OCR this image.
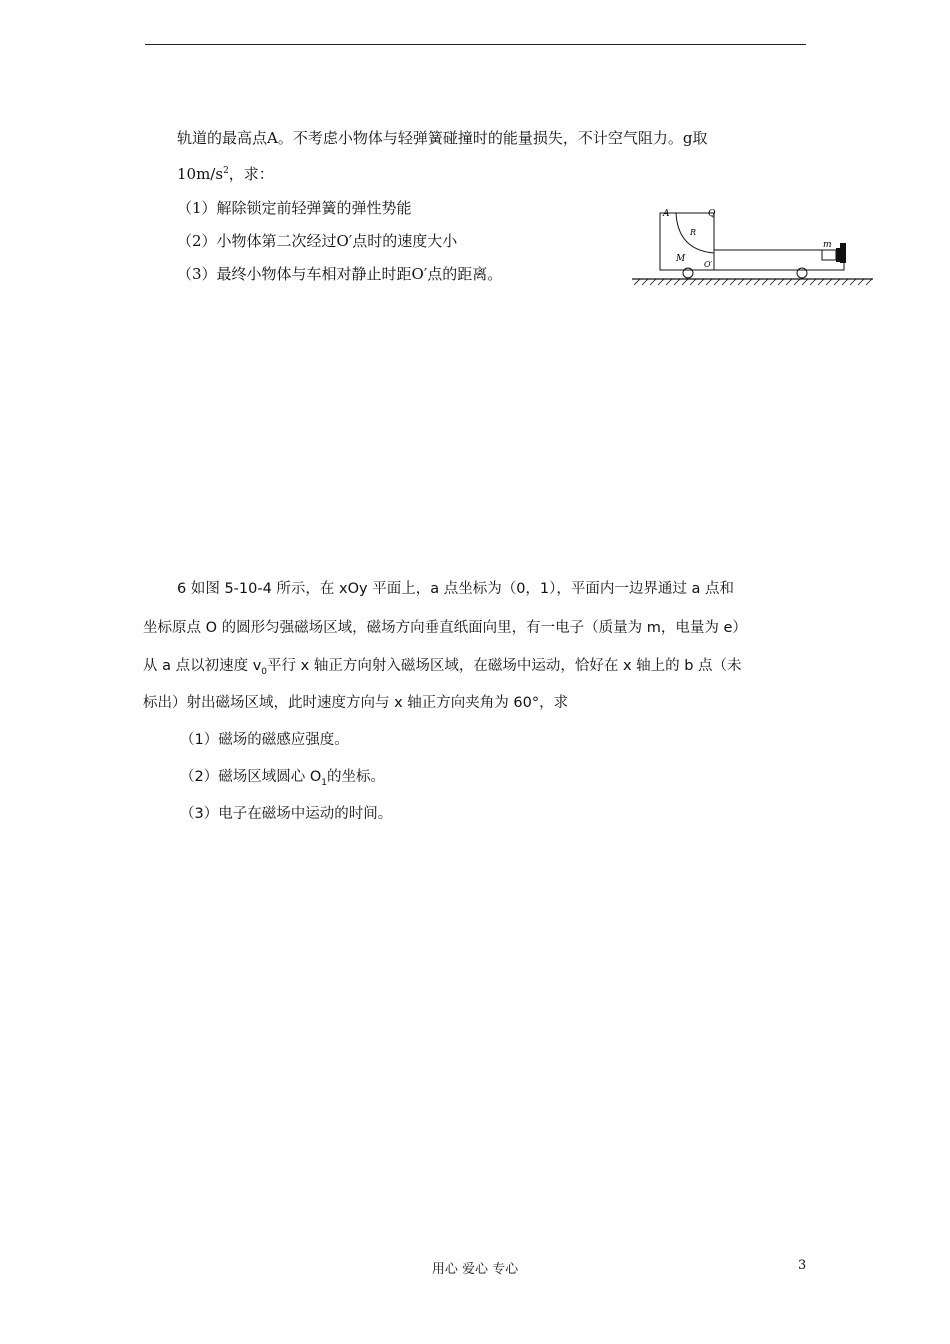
轨道的最高点A。不考虑小物体与轻弹簧碰撞时的能量损失，不计空气阻力。g取
$10m/s^2$，求：
（1）解除锁定前轻弹簧的弹性势能
（2）小物体第二次经过O′点时的速度大小
（3）最终小物体与车相对静止时距O′点的距离。
A	Q
R
M
O′
m
6 如图 5-10-4 所示，在 xOy 平面上，a 点坐标为（0，1），平面内一边界通过 a 点和
坐标原点 O 的圆形匀强磁场区域，磁场方向垂直纸面向里，有一电子（质量为 m，电量为 e）
从 a 点以初速度 $v_0$平行 x 轴正方向射入磁场区域，在磁场中运动，恰好在 x 轴上的 b 点（未
标出）射出磁场区域，此时速度方向与 x 轴正方向夹角为 60°，求
（1）磁场的磁感应强度。
（2）磁场区域圆心 $O_1$的坐标。
（3）电子在磁场中运动的时间。
用心 爱心 专心	3
